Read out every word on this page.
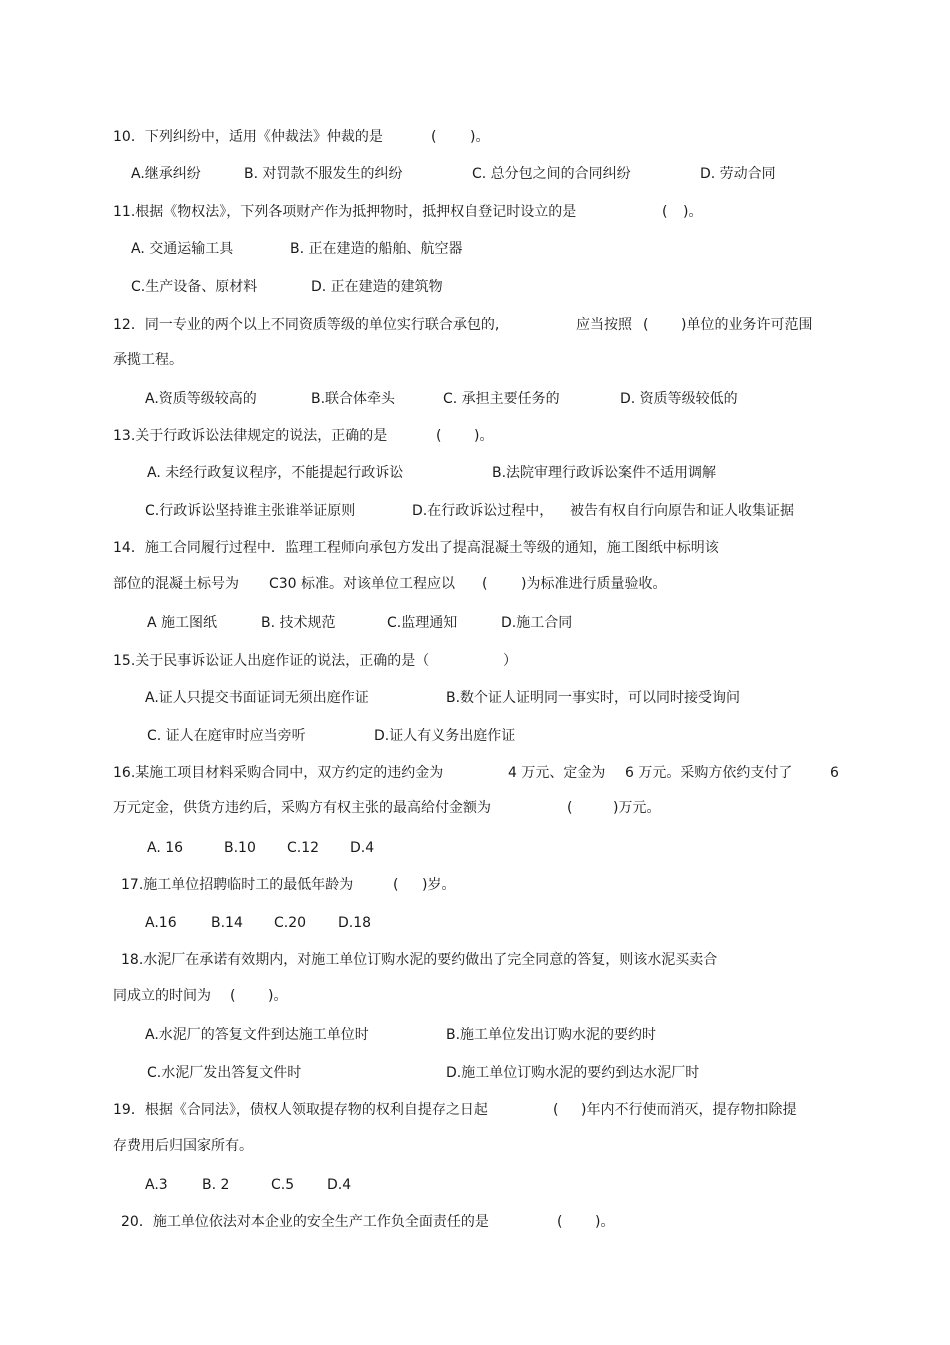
10．下列纠纷中，适用《仲裁法》仲裁的是	( )。
A.继承纠纷	B. 对罚款不服发生的纠纷	C. 总分包之间的合同纠纷	D. 劳动合同
11.根据《物权法》，下列各项财产作为抵押物时，抵押权自登记时设立的是	( )。
A. 交通运输工具	B. 正在建造的船舶、航空器
C.生产设备、原材料	D. 正在建造的建筑物
12．同一专业的两个以上不同资质等级的单位实行联合承包的,	应当按照 ( )单位的业务许可范围
承揽工程。
A.资质等级较高的	B.联合体牵头	C. 承担主要任务的	D. 资质等级较低的
13.关于行政诉讼法律规定的说法，正确的是	( )。
A. 未经行政复议程序，不能提起行政诉讼	B.法院审理行政诉讼案件不适用调解
C.行政诉讼坚持谁主张谁举证原则	D.在行政诉讼过程中， 被告有权自行向原告和证人收集证据
14．施工合同履行过程中．监理工程师向承包方发出了提高混凝土等级的通知，施工图纸中标明该
部位的混凝土标号为 C30 标准。对该单位工程应以 ( )为标准进行质量验收。
A 施工图纸	B. 技术规范	C.监理通知	D.施工合同
15.关于民事诉讼证人出庭作证的说法，正确的是（	）
A.证人只提交书面证词无须出庭作证	B.数个证人证明同一事实时，可以同时接受询问
C. 证人在庭审时应当旁听	D.证人有义务出庭作证
16.某施工项目材料采购合同中，双方约定的违约金为	4 万元、定金为 6 万元。采购方依约支付了	6
万元定金，供货方违约后，采购方有权主张的最高给付金额为	(	)万元。
A. 16	B.10 C.12 D.4
17.施工单位招聘临时工的最低年龄为	( )岁。
A.16 B.14 C.20 D.18
18.水泥厂在承诺有效期内，对施工单位订购水泥的要约做出了完全同意的答复，则该水泥买卖合
同成立的时间为 ( )。
A.水泥厂的答复文件到达施工单位时	B.施工单位发出订购水泥的要约时
C.水泥厂发出答复文件时	D.施工单位订购水泥的要约到达水泥厂时
19．根据《合同法》，债权人领取提存物的权利自提存之日起	( )年内不行使而消灭，提存物扣除提
存费用后归国家所有。
A.3 B. 2	C.5 D.4
20．施工单位依法对本企业的安全生产工作负全面责任的是	( )。
